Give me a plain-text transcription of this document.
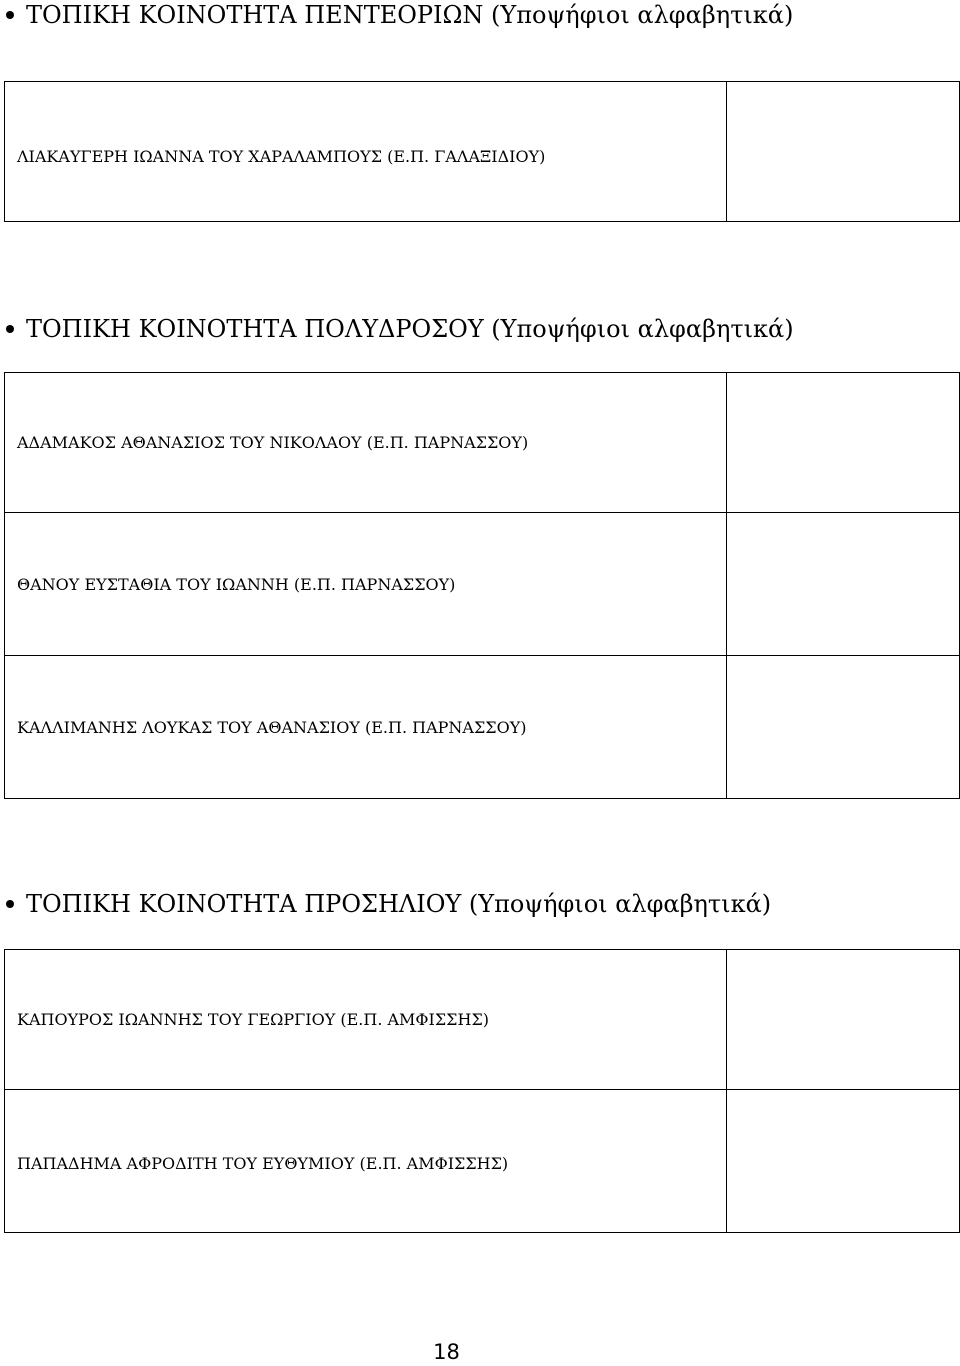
ΤΟΠΙΚΗ ΚΟΙΝΟΤΗΤΑ ΠΕΝΤΕΟΡΙΩΝ (Υποψήφιοι αλφαβητικά)
ΛΙΑΚΑΥΓΕΡΗ ΙΩΑΝΝΑ ΤΟΥ ΧΑΡΑΛΑΜΠΟΥΣ (Ε.Π. ΓΑΛΑΞΙΔΙΟΥ)	
ΤΟΠΙΚΗ ΚΟΙΝΟΤΗΤΑ ΠΟΛΥΔΡΟΣΟΥ (Υποψήφιοι αλφαβητικά)
ΑΔΑΜΑΚΟΣ ΑΘΑΝΑΣΙΟΣ ΤΟΥ ΝΙΚΟΛΑΟΥ (Ε.Π. ΠΑΡΝΑΣΣΟΥ)	
ΘΑΝΟΥ ΕΥΣΤΑΘΙΑ ΤΟΥ ΙΩΑΝΝΗ (Ε.Π. ΠΑΡΝΑΣΣΟΥ)	
ΚΑΛΛΙΜΑΝΗΣ ΛΟΥΚΑΣ ΤΟΥ ΑΘΑΝΑΣΙΟΥ (Ε.Π. ΠΑΡΝΑΣΣΟΥ)	
ΤΟΠΙΚΗ ΚΟΙΝΟΤΗΤΑ ΠΡΟΣΗΛΙΟΥ (Υποψήφιοι αλφαβητικά)
ΚΑΠΟΥΡΟΣ ΙΩΑΝΝΗΣ ΤΟΥ ΓΕΩΡΓΙΟΥ (Ε.Π. ΑΜΦΙΣΣΗΣ)	
ΠΑΠΑΔΗΜΑ ΑΦΡΟΔΙΤΗ ΤΟΥ ΕΥΘΥΜΙΟΥ (Ε.Π. ΑΜΦΙΣΣΗΣ)	
18
